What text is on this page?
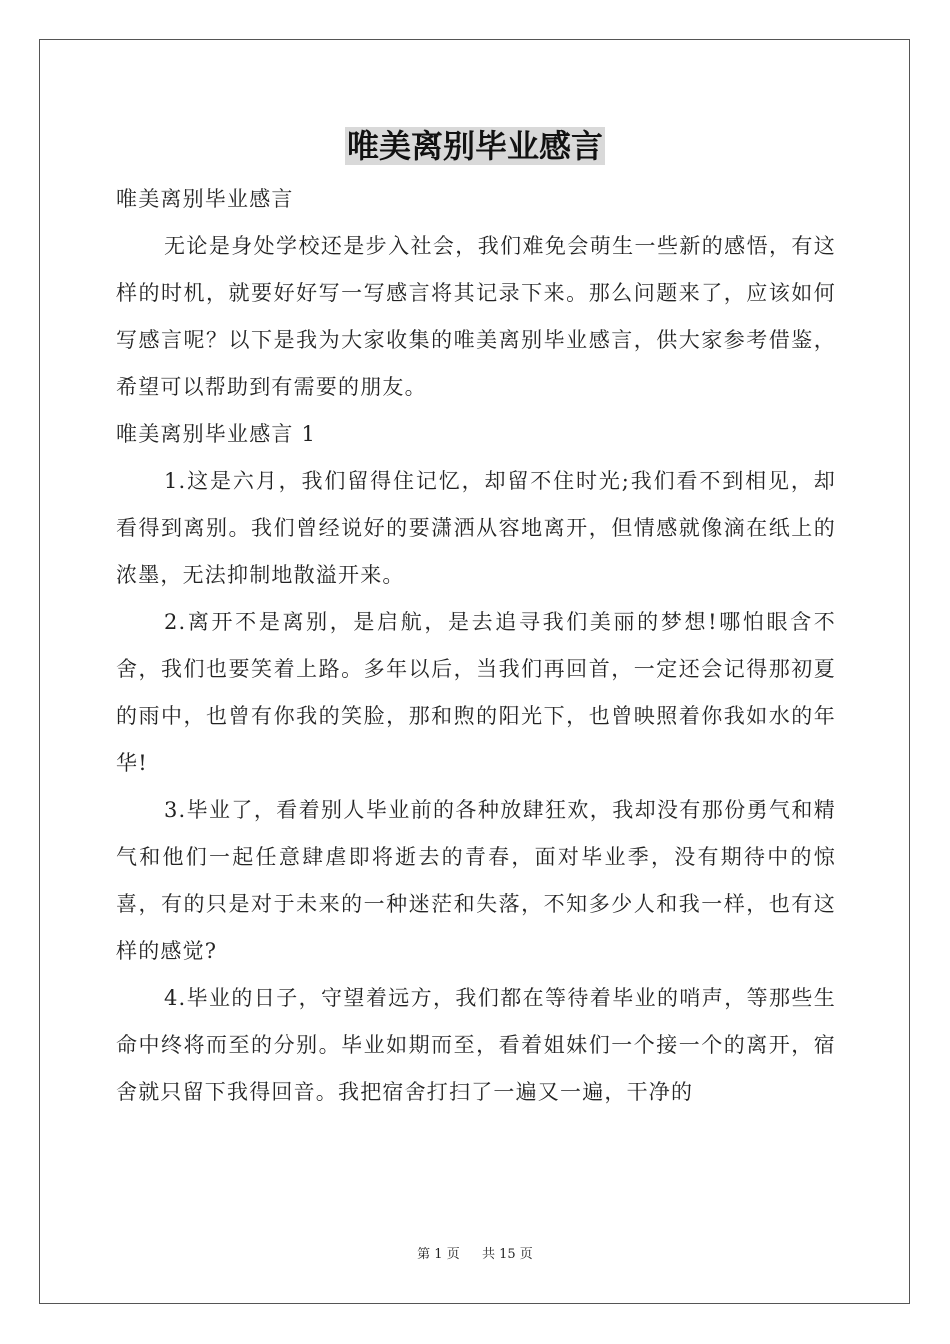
唯美离别毕业感言

唯美离别毕业感言

无论是身处学校还是步入社会，我们难免会萌生一些新的感悟，有这样的时机，就要好好写一写感言将其记录下来。那么问题来了，应该如何写感言呢？以下是我为大家收集的唯美离别毕业感言，供大家参考借鉴，希望可以帮助到有需要的朋友。

唯美离别毕业感言 1

1.这是六月，我们留得住记忆，却留不住时光;我们看不到相见，却看得到离别。我们曾经说好的要潇洒从容地离开，但情感就像滴在纸上的浓墨，无法抑制地散溢开来。

2.离开不是离别，是启航，是去追寻我们美丽的梦想!哪怕眼含不舍，我们也要笑着上路。多年以后，当我们再回首，一定还会记得那初夏的雨中，也曾有你我的笑脸，那和煦的阳光下，也曾映照着你我如水的年华!

3.毕业了，看着别人毕业前的各种放肆狂欢，我却没有那份勇气和精气和他们一起任意肆虐即将逝去的青春，面对毕业季，没有期待中的惊喜，有的只是对于未来的一种迷茫和失落，不知多少人和我一样，也有这样的感觉?

4.毕业的日子，守望着远方，我们都在等待着毕业的哨声，等那些生命中终将而至的分别。毕业如期而至，看着姐妹们一个接一个的离开，宿舍就只留下我得回音。我把宿舍打扫了一遍又一遍，干净的

第 1 页 共 15 页
